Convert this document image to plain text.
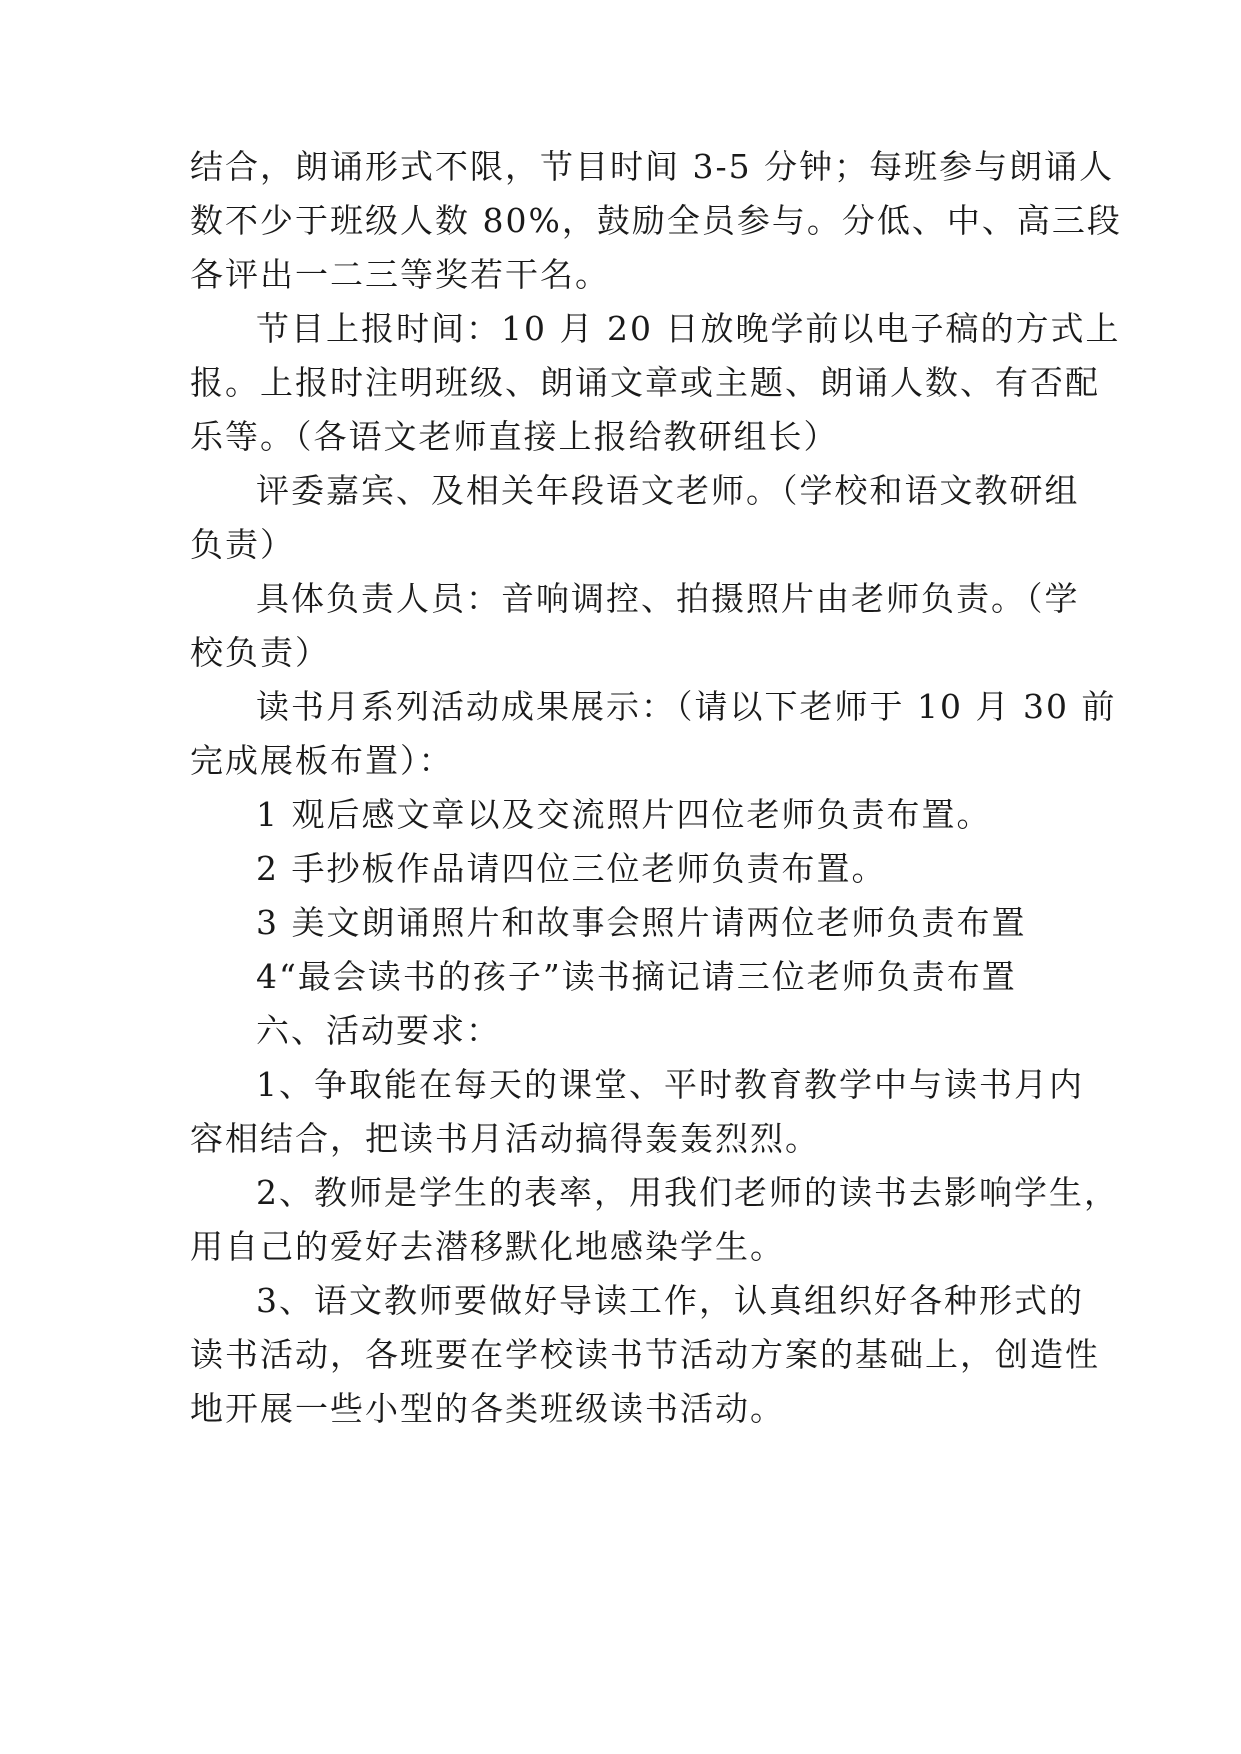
结合，朗诵形式不限，节目时间 3-5 分钟；每班参与朗诵人
数不少于班级人数 80%，鼓励全员参与。分低、中、高三段
各评出一二三等奖若干名。
节目上报时间：10 月 20 日放晚学前以电子稿的方式上
报。上报时注明班级、朗诵文章或主题、朗诵人数、有否配
乐等。（各语文老师直接上报给教研组长）
评委嘉宾、及相关年段语文老师。（学校和语文教研组
负责）
具体负责人员：音响调控、拍摄照片由老师负责。（学
校负责）
读书月系列活动成果展示：（请以下老师于 10 月 30 前
完成展板布置）：
1 观后感文章以及交流照片四位老师负责布置。
2 手抄板作品请四位三位老师负责布置。
3 美文朗诵照片和故事会照片请两位老师负责布置
4“最会读书的孩子”读书摘记请三位老师负责布置
六、活动要求：
1、争取能在每天的课堂、平时教育教学中与读书月内
容相结合，把读书月活动搞得轰轰烈烈。
2、教师是学生的表率，用我们老师的读书去影响学生，
用自己的爱好去潜移默化地感染学生。
3、语文教师要做好导读工作，认真组织好各种形式的
读书活动，各班要在学校读书节活动方案的基础上，创造性
地开展一些小型的各类班级读书活动。
